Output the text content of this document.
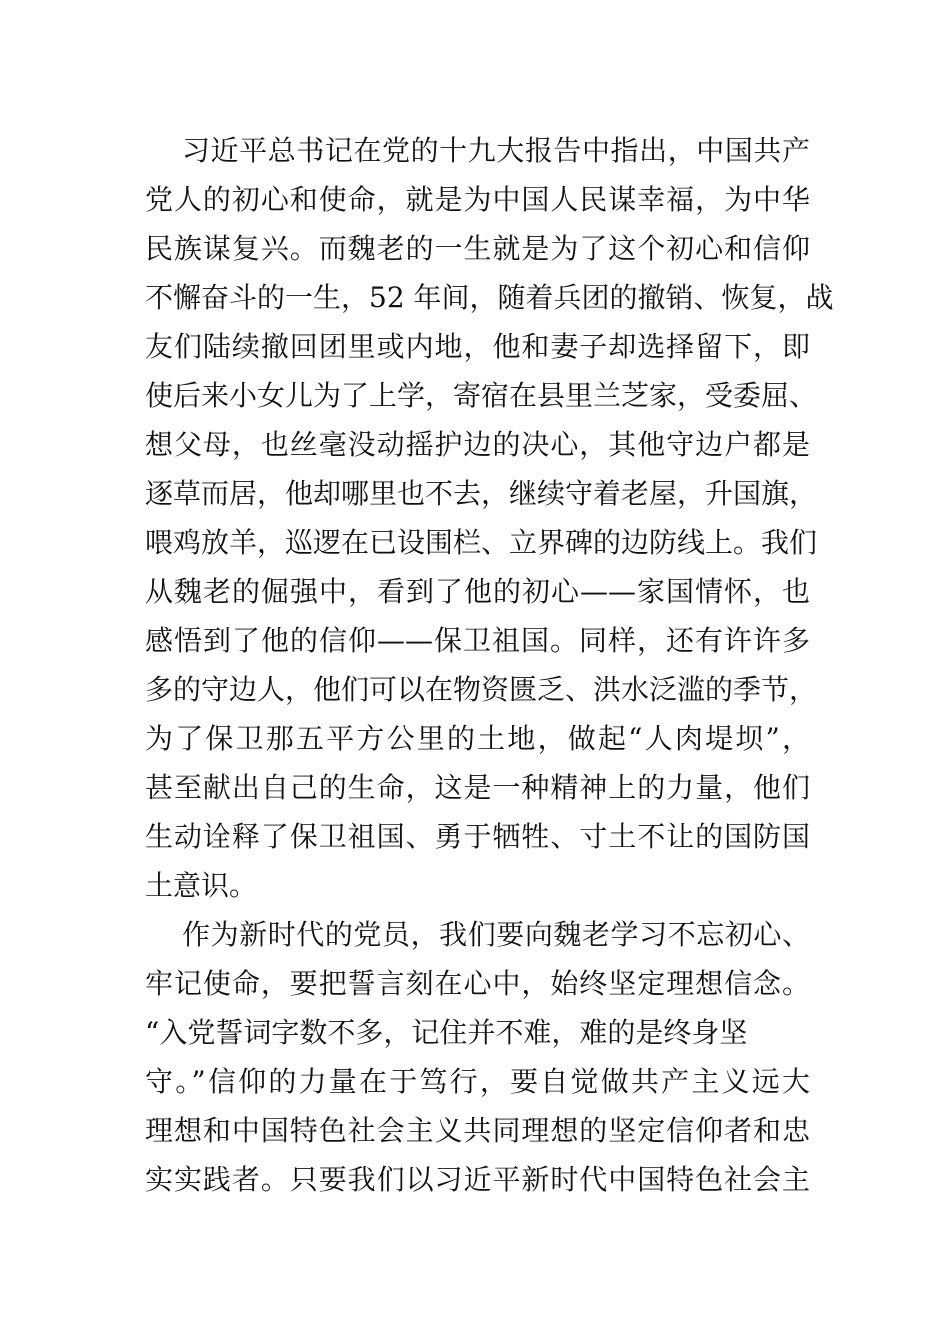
习近平总书记在党的十九大报告中指出，中国共产
党人的初心和使命，就是为中国人民谋幸福，为中华
民族谋复兴。而魏老的一生就是为了这个初心和信仰
不懈奋斗的一生，52 年间，随着兵团的撤销、恢复，战
友们陆续撤回团里或内地，他和妻子却选择留下，即
使后来小女儿为了上学，寄宿在县里兰芝家，受委屈、
想父母，也丝毫没动摇护边的决心，其他守边户都是
逐草而居，他却哪里也不去，继续守着老屋，升国旗，
喂鸡放羊，巡逻在已设围栏、立界碑的边防线上。我们
从魏老的倔强中，看到了他的初心——家国情怀，也
感悟到了他的信仰——保卫祖国。同样，还有许许多
多的守边人，他们可以在物资匮乏、洪水泛滥的季节，
为了保卫那五平方公里的土地，做起“人肉堤坝”，
甚至献出自己的生命，这是一种精神上的力量，他们
生动诠释了保卫祖国、勇于牺牲、寸土不让的国防国
土意识。
作为新时代的党员，我们要向魏老学习不忘初心、
牢记使命，要把誓言刻在心中，始终坚定理想信念。
“入党誓词字数不多，记住并不难，难的是终身坚
守。”信仰的力量在于笃行，要自觉做共产主义远大
理想和中国特色社会主义共同理想的坚定信仰者和忠
实实践者。只要我们以习近平新时代中国特色社会主
